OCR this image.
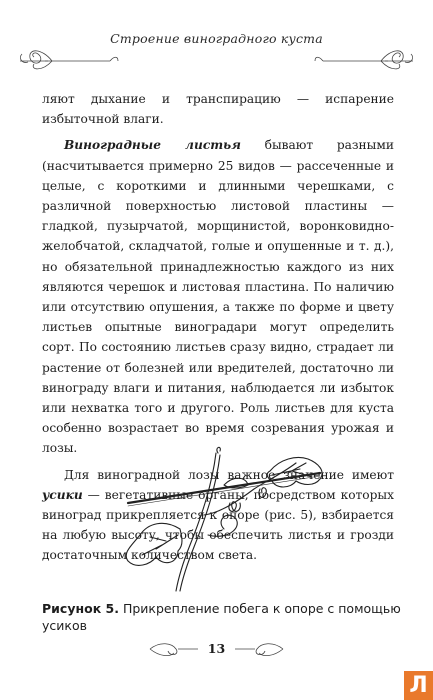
Строение виноградного куста

ляют дыхание и транспирацию — испарение избыточной влаги.

Виноградные листья бывают разными (насчитывается примерно 25 видов — рассеченные и целые, с короткими и длинными черешками, с различной поверхностью листовой пластины — гладкой, пузырчатой, морщинистой, воронковидно-желобчатой, складчатой, голые и опушенные и т. д.), но обязательной принадлежностью каждого из них являются черешок и листовая пластина. По наличию или отсутствию опушения, а также по форме и цвету листьев опытные виноградари могут определить сорт. По состоянию листьев сразу видно, страдает ли растение от болезней или вредителей, достаточно ли винограду влаги и питания, наблюдается ли избыток или нехватка того и другого. Роль листьев для куста особенно возрастает во время созревания урожая и лозы.

Для виноградной лозы важное значение имеют усики — вегетативные органы, посредством которых виноград прикрепляется к опоре (рис. 5), взбирается на любую высоту, чтобы обеспечить листья и грозди достаточным количеством света.

Рисунок 5. Прикрепление побега к опоре с помощью усиков
13
Л
